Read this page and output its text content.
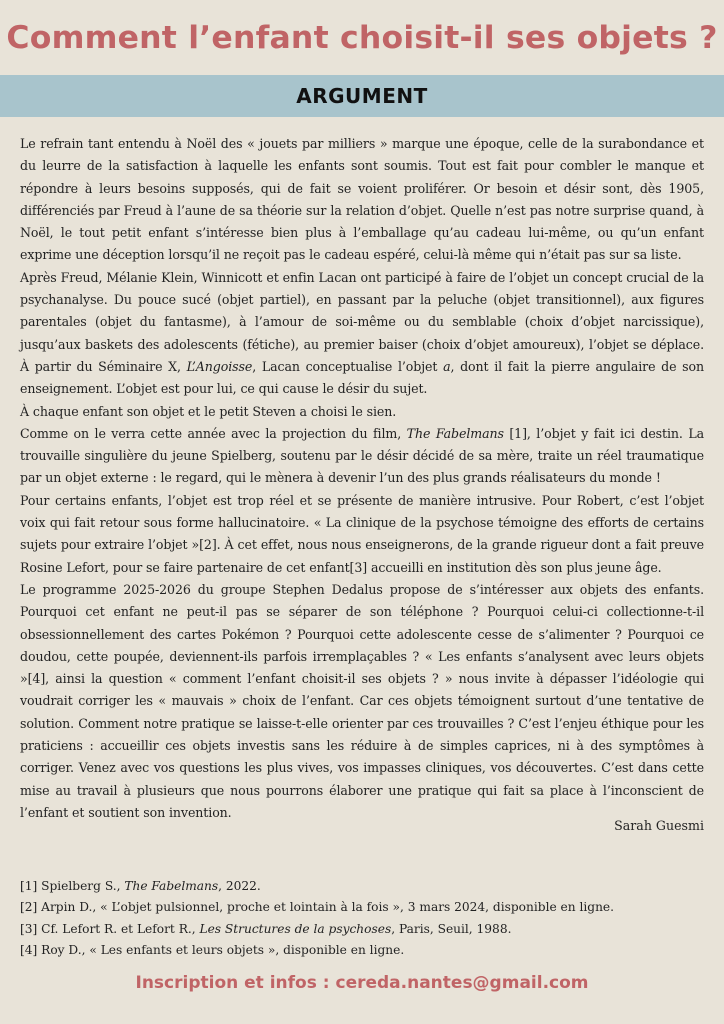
Comment l’enfant choisit-il ses objets ?
ARGUMENT

Le refrain tant entendu à Noël des « jouets par milliers » marque une époque, celle de la surabondance et du leurre de la satisfaction à laquelle les enfants sont soumis. Tout est fait pour combler le manque et répondre à leurs besoins supposés, qui de fait se voient proliférer. Or besoin et désir sont, dès 1905, différenciés par Freud à l’aune de sa théorie sur la relation d’objet. Quelle n’est pas notre surprise quand, à Noël, le tout petit enfant s’intéresse bien plus à l’emballage qu’au cadeau lui-même, ou qu’un enfant exprime une déception lorsqu’il ne reçoit pas le cadeau espéré, celui-là même qui n’était pas sur sa liste.

Après Freud, Mélanie Klein, Winnicott et enfin Lacan ont participé à faire de l’objet un concept crucial de la psychanalyse. Du pouce sucé (objet partiel), en passant par la peluche (objet transitionnel), aux figures parentales (objet du fantasme), à l’amour de soi-même ou du semblable (choix d’objet narcissique), jusqu’aux baskets des adolescents (fétiche), au premier baiser (choix d’objet amoureux), l’objet se déplace. À partir du Séminaire X, L’Angoisse, Lacan conceptualise l’objet a, dont il fait la pierre angulaire de son enseignement. L’objet est pour lui, ce qui cause le désir du sujet.

À chaque enfant son objet et le petit Steven a choisi le sien.

Comme on le verra cette année avec la projection du film, The Fabelmans [1], l’objet y fait ici destin. La trouvaille singulière du jeune Spielberg, soutenu par le désir décidé de sa mère, traite un réel traumatique par un objet externe : le regard, qui le mènera à devenir l’un des plus grands réalisateurs du monde !

Pour certains enfants, l’objet est trop réel et se présente de manière intrusive. Pour Robert, c’est l’objet voix qui fait retour sous forme hallucinatoire. « La clinique de la psychose témoigne des efforts de certains sujets pour extraire l’objet »[2]. À cet effet, nous nous enseignerons, de la grande rigueur dont a fait preuve Rosine Lefort, pour se faire partenaire de cet enfant[3] accueilli en institution dès son plus jeune âge.

Le programme 2025-2026 du groupe Stephen Dedalus propose de s’intéresser aux objets des enfants. Pourquoi cet enfant ne peut-il pas se séparer de son téléphone ? Pourquoi celui-ci collectionne-t-il obsessionnellement des cartes Pokémon ? Pourquoi cette adolescente cesse de s’alimenter ? Pourquoi ce doudou, cette poupée, deviennent-ils parfois irremplaçables ? « Les enfants s’analysent avec leurs objets »[4], ainsi la question « comment l’enfant choisit-il ses objets ? » nous invite à dépasser l’idéologie qui voudrait corriger les « mauvais » choix de l’enfant. Car ces objets témoignent surtout d’une tentative de solution. Comment notre pratique se laisse-t-elle orienter par ces trouvailles ? C’est l’enjeu éthique pour les praticiens : accueillir ces objets investis sans les réduire à de simples caprices, ni à des symptômes à corriger. Venez avec vos questions les plus vives, vos impasses cliniques, vos découvertes. C’est dans cette mise au travail à plusieurs que nous pourrons élaborer une pratique qui fait sa place à l’inconscient de l’enfant et soutient son invention.

Sarah Guesmi

[1] Spielberg S., The Fabelmans, 2022.

[2] Arpin D., « L’objet pulsionnel, proche et lointain à la fois », 3 mars 2024, disponible en ligne.

[3] Cf. Lefort R. et Lefort R., Les Structures de la psychoses, Paris, Seuil, 1988.

[4] Roy D., « Les enfants et leurs objets », disponible en ligne.

Inscription et infos : cereda.nantes@gmail.com
